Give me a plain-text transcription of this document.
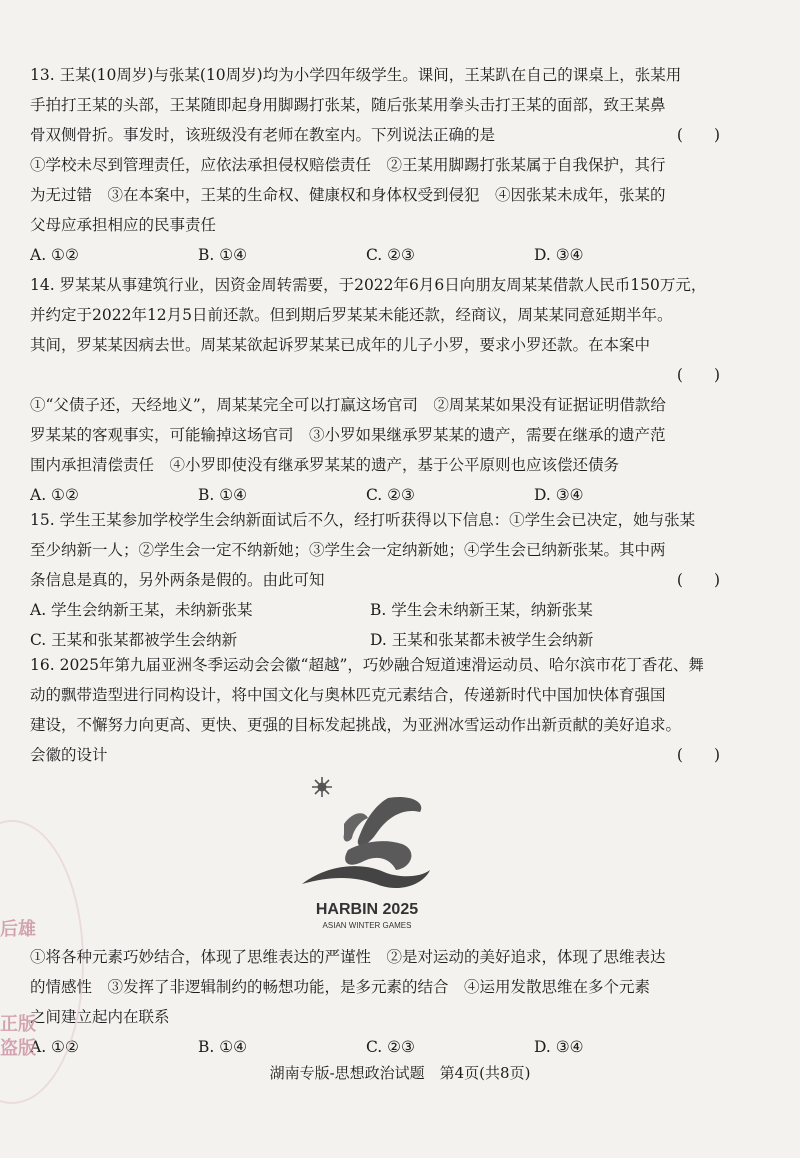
13. 王某(10周岁)与张某(10周岁)均为小学四年级学生。课间，王某趴在自己的课桌上，张某用
手拍打王某的头部，王某随即起身用脚踢打张某，随后张某用拳头击打王某的面部，致王某鼻
骨双侧骨折。事发时，该班级没有老师在教室内。下列说法正确的是	(　　)
①学校未尽到管理责任，应依法承担侵权赔偿责任　②王某用脚踢打张某属于自我保护，其行
为无过错　③在本案中，王某的生命权、健康权和身体权受到侵犯　④因张某未成年，张某的
父母应承担相应的民事责任
A. ①②	B. ①④	C. ②③	D. ③④
14. 罗某某从事建筑行业，因资金周转需要，于2022年6月6日向朋友周某某借款人民币150万元，
并约定于2022年12月5日前还款。但到期后罗某某未能还款，经商议，周某某同意延期半年。
其间，罗某某因病去世。周某某欲起诉罗某某已成年的儿子小罗，要求小罗还款。在本案中
(　　)
①“父债子还，天经地义”，周某某完全可以打赢这场官司　②周某某如果没有证据证明借款给
罗某某的客观事实，可能输掉这场官司　③小罗如果继承罗某某的遗产，需要在继承的遗产范
围内承担清偿责任　④小罗即使没有继承罗某某的遗产，基于公平原则也应该偿还债务
A. ①②	B. ①④	C. ②③	D. ③④
15. 学生王某参加学校学生会纳新面试后不久，经打听获得以下信息：①学生会已决定，她与张某
至少纳新一人；②学生会一定不纳新她；③学生会一定纳新她；④学生会已纳新张某。其中两
条信息是真的，另外两条是假的。由此可知	(　　)
A. 学生会纳新王某，未纳新张某	B. 学生会未纳新王某，纳新张某
C. 王某和张某都被学生会纳新	D. 王某和张某都未被学生会纳新
16. 2025年第九届亚洲冬季运动会会徽“超越”，巧妙融合短道速滑运动员、哈尔滨市花丁香花、舞
动的飘带造型进行同构设计，将中国文化与奥林匹克元素结合，传递新时代中国加快体育强国
建设，不懈努力向更高、更快、更强的目标发起挑战，为亚洲冰雪运动作出新贡献的美好追求。
会徽的设计	(　　)
HARBIN 2025
ASIAN WINTER GAMES
①将各种元素巧妙结合，体现了思维表达的严谨性　②是对运动的美好追求，体现了思维表达
的情感性　③发挥了非逻辑制约的畅想功能，是多元素的结合　④运用发散思维在多个元素
之间建立起内在联系
A. ①②	B. ①④	C. ②③	D. ③④
后雄
正版
盗版
湖南专版-思想政治试题　第4页(共8页)
